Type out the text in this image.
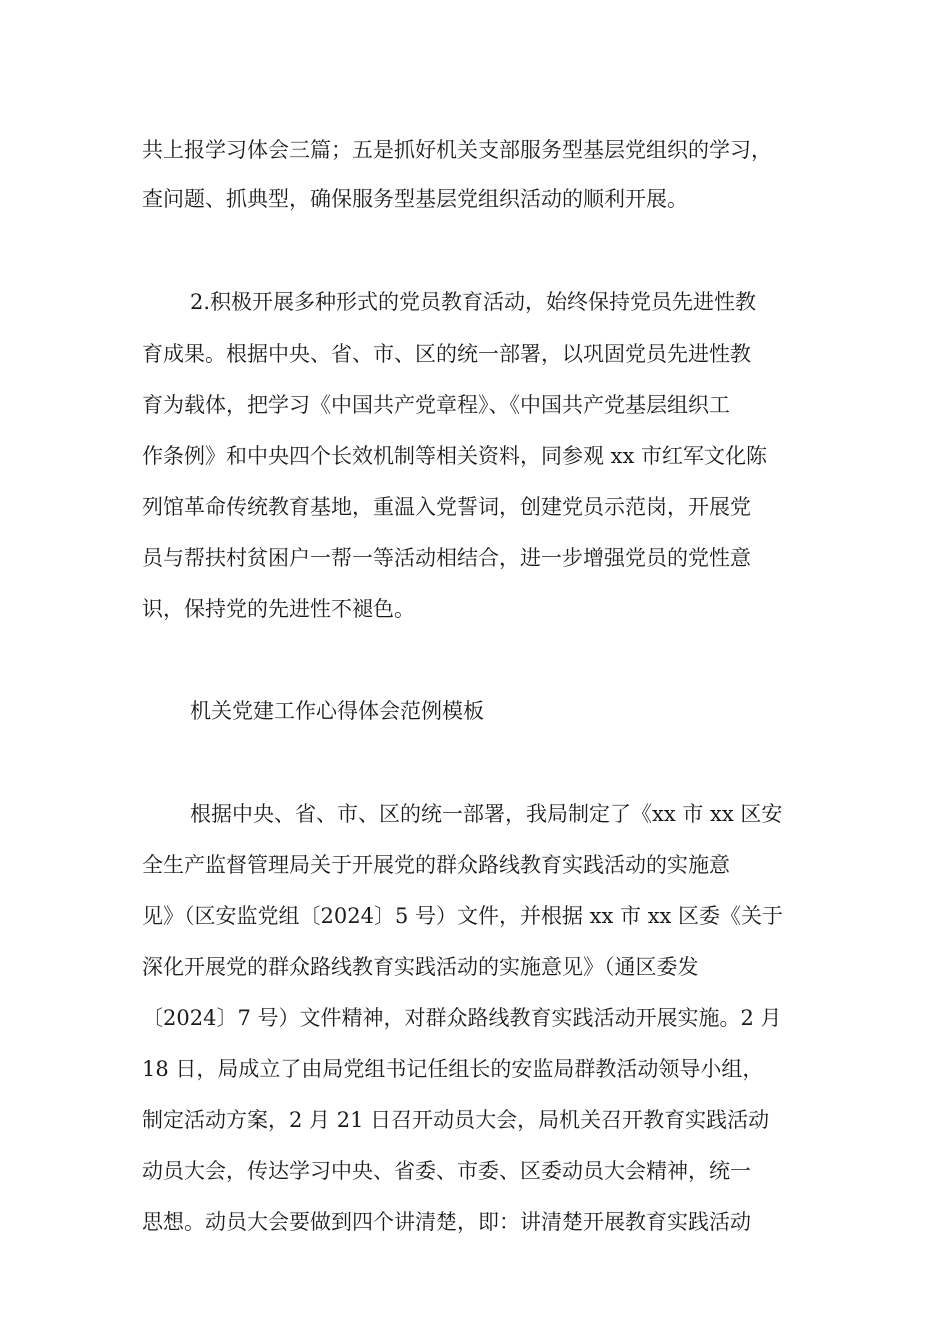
共上报学习体会三篇；五是抓好机关支部服务型基层党组织的学习，
查问题、抓典型，确保服务型基层党组织活动的顺利开展。
2.积极开展多种形式的党员教育活动，始终保持党员先进性教
育成果。根据中央、省、市、区的统一部署，以巩固党员先进性教
育为载体，把学习《中国共产党章程》、《中国共产党基层组织工
作条例》和中央四个长效机制等相关资料，同参观 xx 市红军文化陈
列馆革命传统教育基地，重温入党誓词，创建党员示范岗，开展党
员与帮扶村贫困户一帮一等活动相结合，进一步增强党员的党性意
识，保持党的先进性不褪色。
机关党建工作心得体会范例模板
根据中央、省、市、区的统一部署，我局制定了《xx 市 xx 区安
全生产监督管理局关于开展党的群众路线教育实践活动的实施意
见》（区安监党组〔2024〕5 号）文件，并根据 xx 市 xx 区委《关于
深化开展党的群众路线教育实践活动的实施意见》（通区委发
〔2024〕7 号）文件精神，对群众路线教育实践活动开展实施。2 月
18 日，局成立了由局党组书记任组长的安监局群教活动领导小组，
制定活动方案，2 月 21 日召开动员大会，局机关召开教育实践活动
动员大会，传达学习中央、省委、市委、区委动员大会精神，统一
思想。动员大会要做到四个讲清楚，即：讲清楚开展教育实践活动
